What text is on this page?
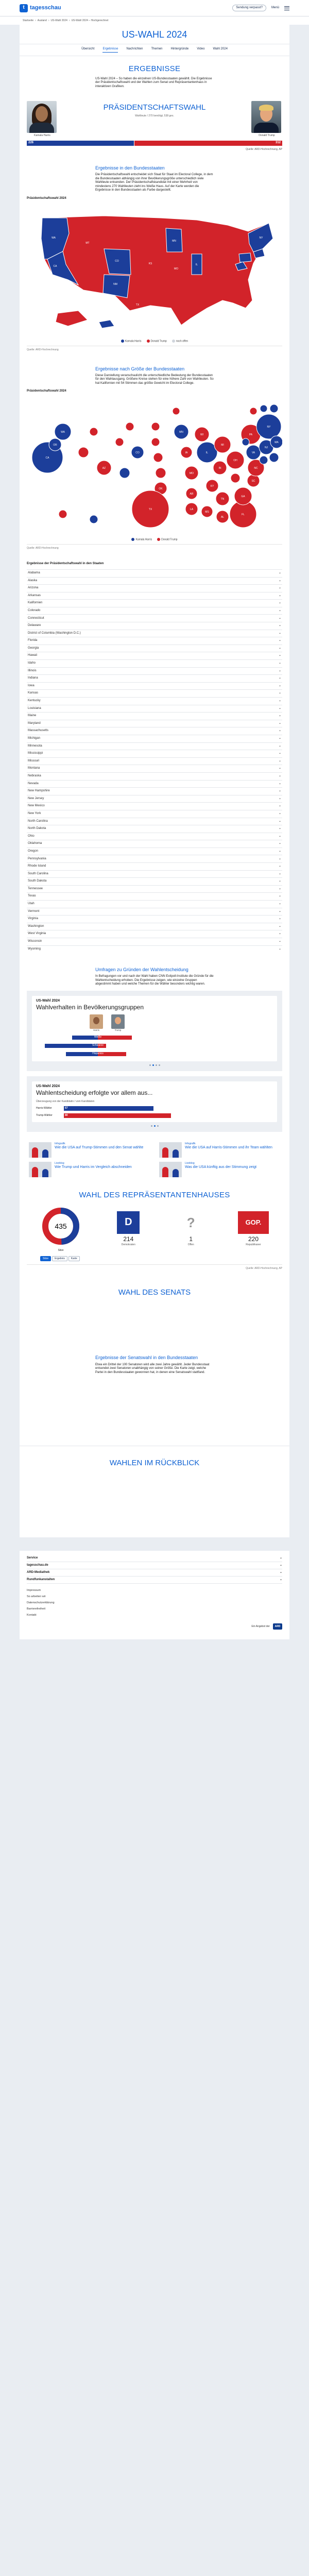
t tagesschau	Sendung verpasst?	Menü
Startseite › Ausland › US-Wahl 2024 › US-Wahl 2024 – Hochgerechnet
US-WAHL 2024
Übersicht	Ergebnisse	Nachrichten	Themen	Hintergründe	Video	Wahl 2024
ERGEBNISSE

US-Wahl 2024 – So haben die einzelnen US-Bundesstaaten gewählt. Die Ergebnisse der Präsidentschaftswahl und der Wahlen zum Senat und Repräsentantenhaus in interaktiven Grafiken.

Kamala Harris
PRÄSIDENTSCHAFTSWAHL
Wahlleute / 270 benötigt, 538 ges.
Donald Trump
226	312
Quelle: ARD-Hochrechnung, AP
Ergebnisse in den Bundesstaaten

Die Präsidentschaftswahl entscheidet sich Staat für Staat im Electoral College, in dem die Bundesstaaten abhängig von ihrer Bevölkerungsgröße unterschiedlich viele Wahlleute entsenden. Der Präsidentschaftskandidat mit einer Mehrheit von mindestens 270 Wahlleuten zieht ins Weiße Haus. Auf der Karte werden die Ergebnisse in den Bundesstaaten als Farbe dargestellt.

Präsidentschaftswahl 2024
WA
CA
CO
NM
MN
IL
NY
MT
TX
FL
MO
KS
Kamala Harris	Donald Trump	noch offen
Quelle: ARD-Hochrechnung
Ergebnisse nach Größe der Bundesstaaten

Diese Darstellung veranschaulicht die unterschiedliche Bedeutung der Bundesstaaten für den Wahlausgang. Größere Kreise stehen für eine höhere Zahl von Wahlleuten. So hat Kalifornien mit 54 Stimmen das größte Gewicht im Electoral College.

Präsidentschaftswahl 2024
CA
WA
OR
AZ
CO
OK
TX
MN
IA
MO
AR
LA
WI
IL
MI
IN
OH
KY
TN
MS
AL
FL
GA
SC
NC
VA
PA
NY
NJ
MA
Kamala Harris	Donald Trump
Quelle: ARD-Hochrechnung
Ergebnisse der Präsidentschaftswahl in den Staaten
Alabama	⌄
Alaska	⌄
Arizona	⌄
Arkansas	⌄
Kalifornien	⌄
Colorado	⌄
Connecticut	⌄
Delaware	⌄
District of Columbia (Washington D.C.)	⌄
Florida	⌄
Georgia	⌄
Hawaii	⌄
Idaho	⌄
Illinois	⌄
Indiana	⌄
Iowa	⌄
Kansas	⌄
Kentucky	⌄
Louisiana	⌄
Maine	⌄
Maryland	⌄
Massachusetts	⌄
Michigan	⌄
Minnesota	⌄
Mississippi	⌄
Missouri	⌄
Montana	⌄
Nebraska	⌄
Nevada	⌄
New Hampshire	⌄
New Jersey	⌄
New Mexico	⌄
New York	⌄
North Carolina	⌄
North Dakota	⌄
Ohio	⌄
Oklahoma	⌄
Oregon	⌄
Pennsylvania	⌄
Rhode Island	⌄
South Carolina	⌄
South Dakota	⌄
Tennessee	⌄
Texas	⌄
Utah	⌄
Vermont	⌄
Virginia	⌄
Washington	⌄
West Virginia	⌄
Wisconsin	⌄
Wyoming	⌄
Umfragen zu Gründen der Wahlentscheidung

In Befragungen vor und nach der Wahl haben CNN Exitpoll-Institute die Gründe für die Wahlentscheidung erhoben. Die Ergebnisse zeigen, wie einzelne Gruppen abgestimmt haben und welche Themen für die Wähler besonders wichtig waren.

US-Wahl 2024
Wahlverhalten in Bevölkerungsgruppen
Harris	Trump
Weiße
Schwarze
Hispanics
US-Wahl 2024
Wahlentscheidung erfolgte vor allem aus...
Überzeugung von der Kandidatin / vom Kandidaten
Harris-Wähler	67
Trump-Wähler	80
Infografik
Wie die USA auf Trump-Stimmen und den Senat wählte
Infografik
Wie die USA auf Harris-Stimmen und ihr Team wählten
Liveblog
Wie Trump und Harris im Vergleich abschneiden
Liveblog
Was die USA künftig aus der Stimmung zeigt
WAHL DES REPRÄSENTANTENHAUSES
435
Sitze
D
214
Demokraten
?
1
Offen
GOP.
220
Republikaner
Sitze	Ergebnis	Karte
Quelle: ARD-Hochrechnung, AP
WAHL DES SENATS
Ergebnisse der Senatswahl in den Bundesstaaten

Etwa ein Drittel der 100 Senatoren wird alle zwei Jahre gewählt. Jeder Bundesstaat entsendet zwei Senatoren unabhängig von seiner Größe. Die Karte zeigt, welche Partei in den Bundesstaaten gewonnen hat, in denen eine Senatswahl stattfand.

WAHLEN IM RÜCKBLICK
Service	⌄
tagesschau.de	⌄
ARD-Mediathek	⌄
Rundfunkanstalten	⌄
Impressum
So arbeiten wir
Datenschutzerklärung
Barrierefreiheit
Kontakt
Ein Angebot der	ARD
